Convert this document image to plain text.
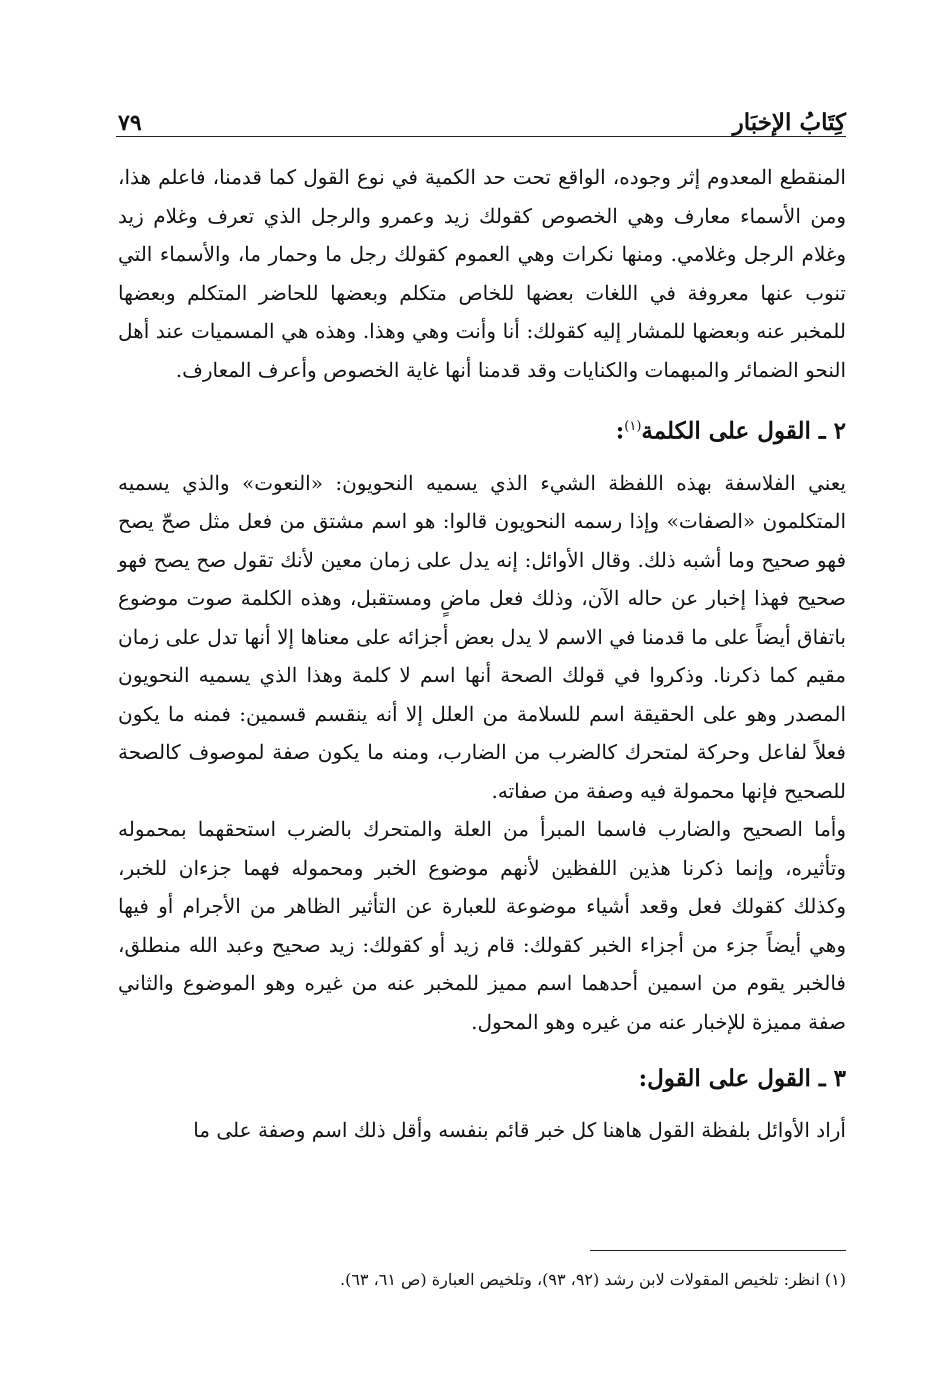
كِتَابُ الإخبَار
٧٩

المنقطع المعدوم إثر وجوده، الواقع تحت حد الكمية في نوع القول كما قدمنا، فاعلم هذا، ومن الأسماء معارف وهي الخصوص كقولك زيد وعمرو والرجل الذي تعرف وغلام زيد وغلام الرجل وغلامي. ومنها نكرات وهي العموم كقولك رجل ما وحمار ما، والأسماء التي تنوب عنها معروفة في اللغات بعضها للخاص متكلم وبعضها للحاضر المتكلم وبعضها للمخبر عنه وبعضها للمشار إليه كقولك: أنا وأنت وهي وهذا. وهذه هي المسميات عند أهل النحو الضمائر والمبهمات والكنايات وقد قدمنا أنها غاية الخصوص وأعرف المعارف.

٢ ـ القول على الكلمة$^{(١)}$:

يعني الفلاسفة بهذه اللفظة الشيء الذي يسميه النحويون: «النعوت» والذي يسميه المتكلمون «الصفات» وإذا رسمه النحويون قالوا: هو اسم مشتق من فعل مثل صحّ يصح فهو صحيح وما أشبه ذلك. وقال الأوائل: إنه يدل على زمان معين لأنك تقول صح يصح فهو صحيح فهذا إخبار عن حاله الآن، وذلك فعل ماضٍ ومستقبل، وهذه الكلمة صوت موضوع باتفاق أيضاً على ما قدمنا في الاسم لا يدل بعض أجزائه على معناها إلا أنها تدل على زمان مقيم كما ذكرنا. وذكروا في قولك الصحة أنها اسم لا كلمة وهذا الذي يسميه النحويون المصدر وهو على الحقيقة اسم للسلامة من العلل إلا أنه ينقسم قسمين: فمنه ما يكون فعلاً لفاعل وحركة لمتحرك كالضرب من الضارب، ومنه ما يكون صفة لموصوف كالصحة للصحيح فإنها محمولة فيه وصفة من صفاته.

وأما الصحيح والضارب فاسما المبرأ من العلة والمتحرك بالضرب استحقهما بمحموله وتأثيره، وإنما ذكرنا هذين اللفظين لأنهم موضوع الخبر ومحموله فهما جزءان للخبر، وكذلك كقولك فعل وقعد أشياء موضوعة للعبارة عن التأثير الظاهر من الأجرام أو فيها وهي أيضاً جزء من أجزاء الخبر كقولك: قام زيد أو كقولك: زيد صحيح وعبد الله منطلق، فالخبر يقوم من اسمين أحدهما اسم مميز للمخبر عنه من غيره وهو الموضوع والثاني صفة مميزة للإخبار عنه من غيره وهو المحول.

٣ ـ القول على القول:

أراد الأوائل بلفظة القول هاهنا كل خبر قائم بنفسه وأقل ذلك اسم وصفة على ما

(١) انظر: تلخيص المقولات لابن رشد (٩٢، ٩٣)، وتلخيص العبارة (ص ٦١، ٦٣).
